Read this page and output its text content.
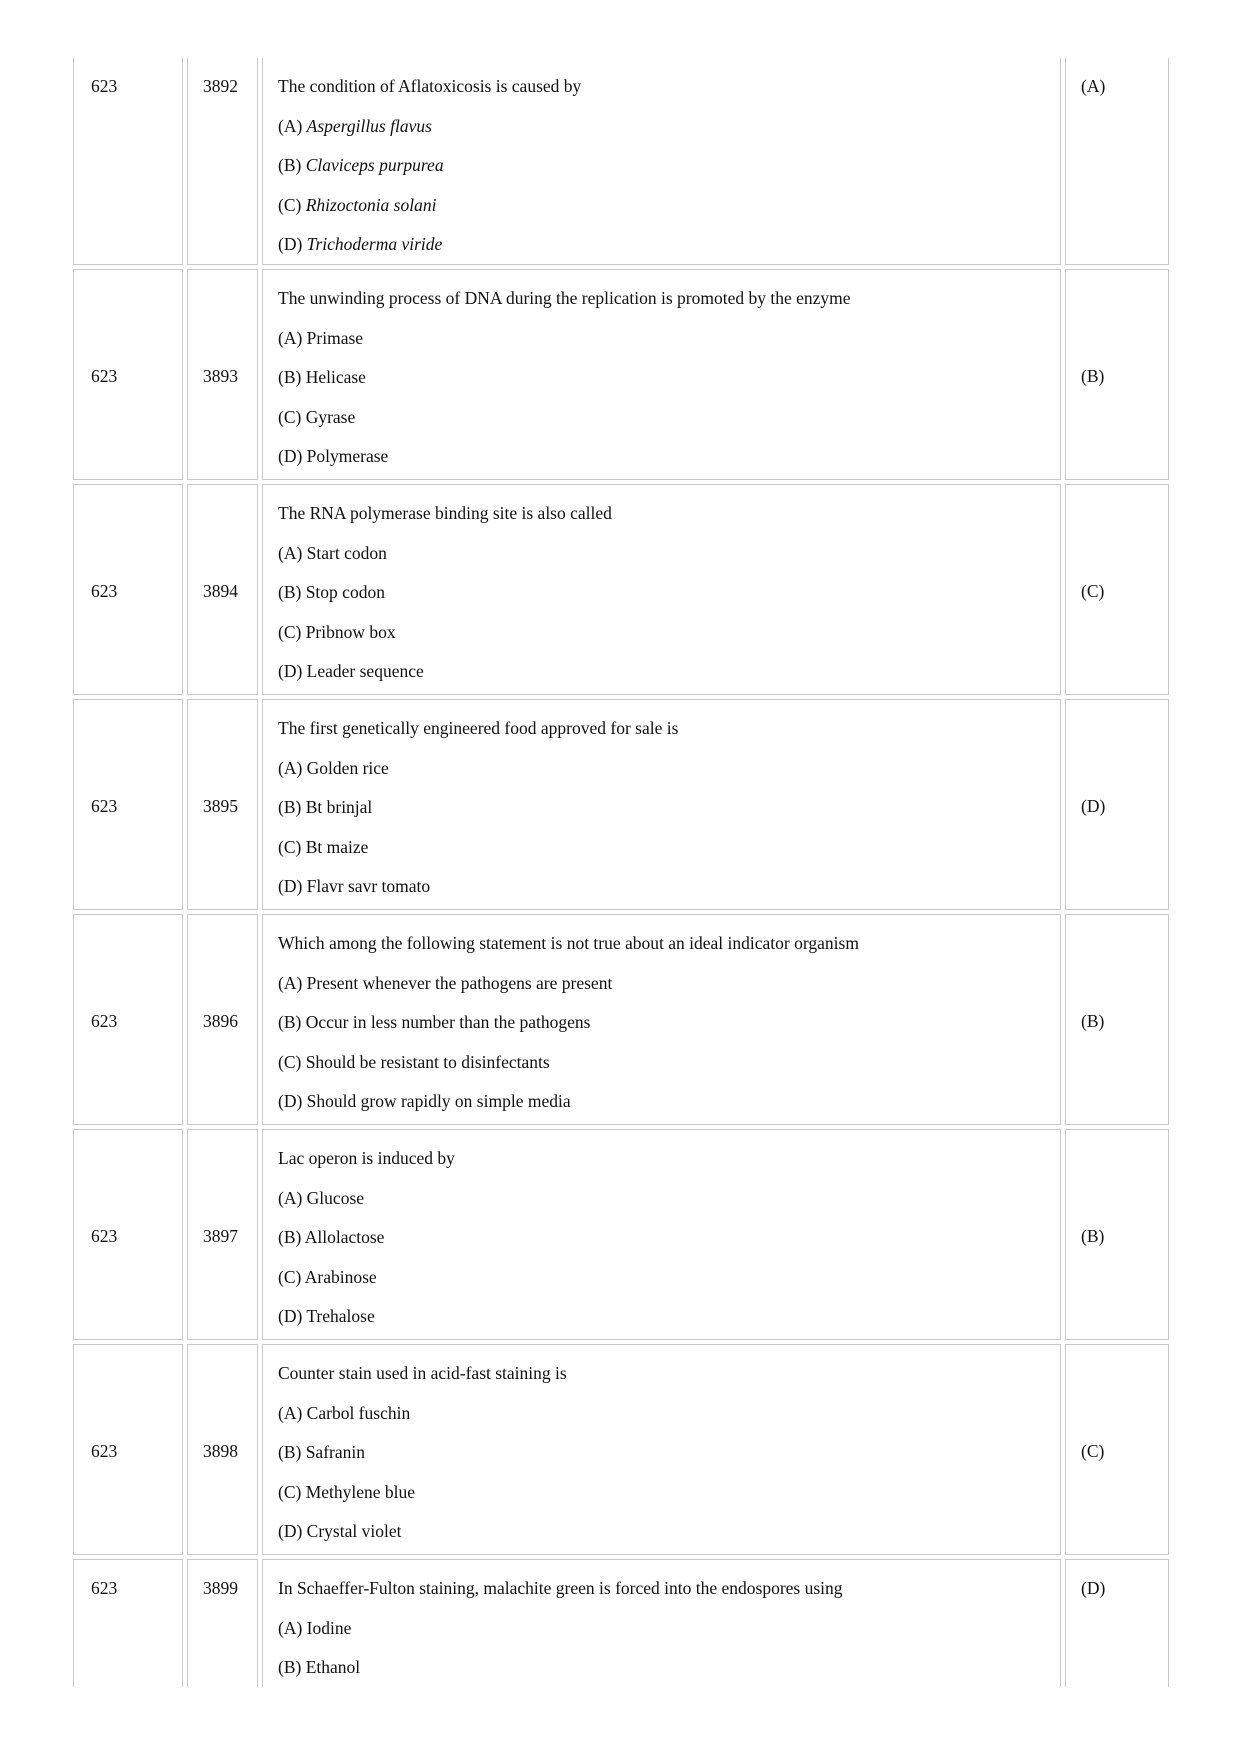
623	3892 The condition of Aflatoxicosis is caused by
(A) Aspergillus flavus
(B) Claviceps purpurea
(C) Rhizoctonia solani
(D) Trichoderma viride
(A)
623	3893
The unwinding process of DNA during the replication is promoted by the enzyme
(A) Primase
(B) Helicase
(C) Gyrase
(D) Polymerase
(B)
623	3894
The RNA polymerase binding site is also called
(A) Start codon
(B) Stop codon
(C) Pribnow box
(D) Leader sequence
(C)
623	3895
The first genetically engineered food approved for sale is
(A) Golden rice
(B) Bt brinjal
(C) Bt maize
(D) Flavr savr tomato
(D)
623	3896
Which among the following statement is not true about an ideal indicator organism
(A) Present whenever the pathogens are present
(B) Occur in less number than the pathogens
(C) Should be resistant to disinfectants
(D) Should grow rapidly on simple media
(B)
623	3897
Lac operon is induced by
(A) Glucose
(B) Allolactose
(C) Arabinose
(D) Trehalose
(B)
623	3898
Counter stain used in acid-fast staining is
(A) Carbol fuschin
(B) Safranin
(C) Methylene blue
(D) Crystal violet
(C)
623	3899 In Schaeffer-Fulton staining, malachite green is forced into the endospores using
(A) Iodine
(B) Ethanol
(D)
